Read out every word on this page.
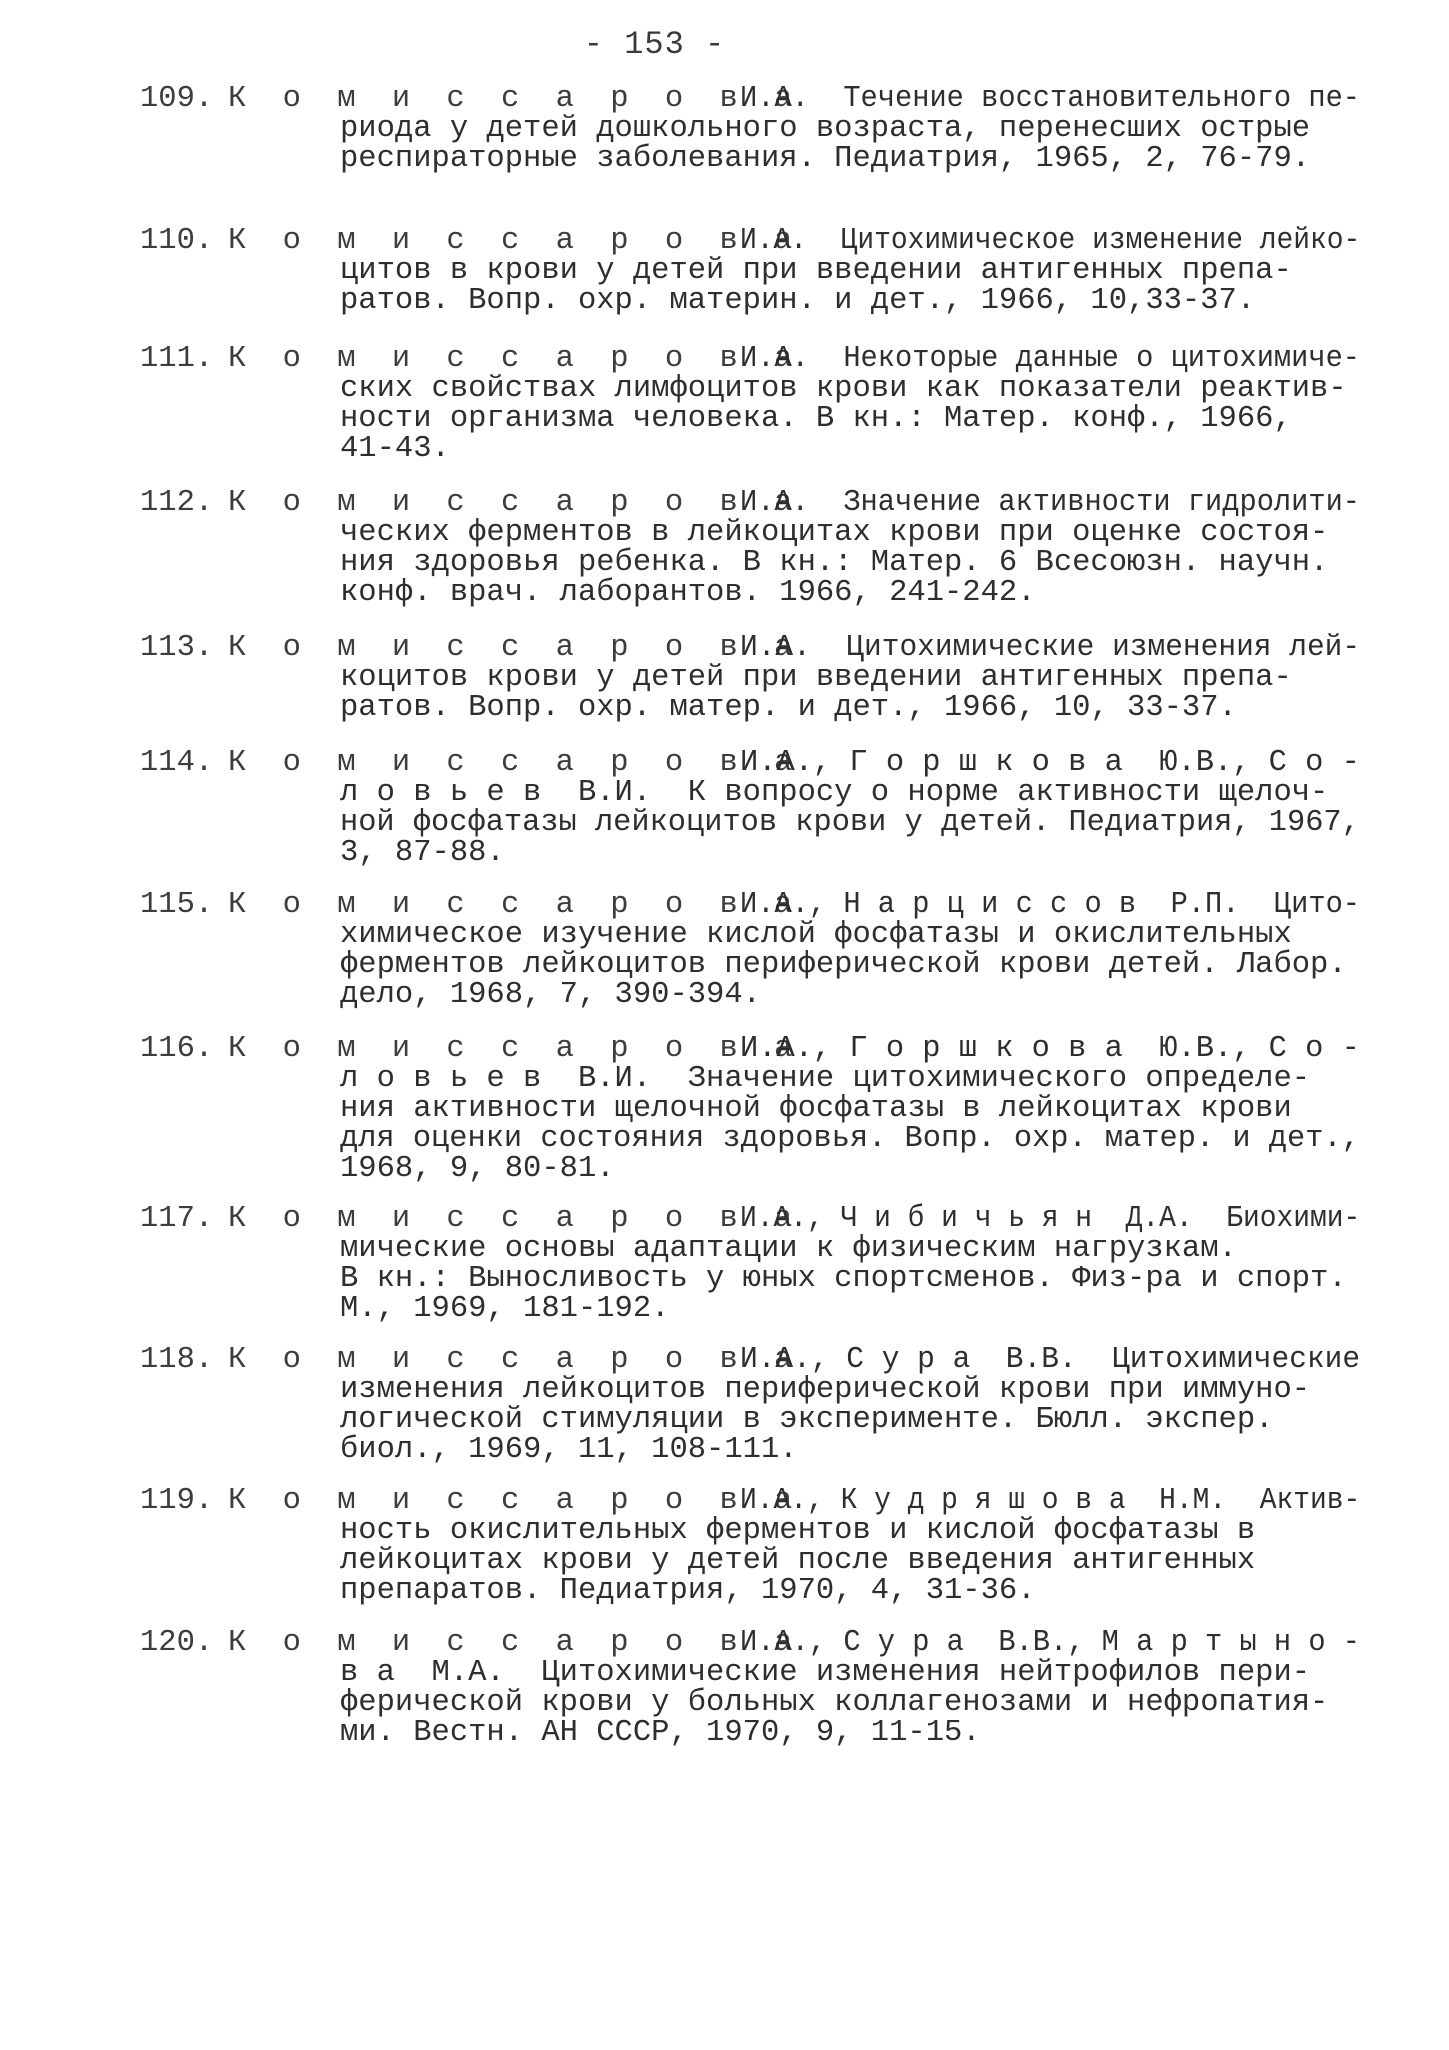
- 153 -
109. К о м и с с а р о в а
И.А.  Течение восстановительного пе-
риода у детей дошкольного возраста, перенесших острые
респираторные заболевания. Педиатрия, 1965, 2, 76-79.
110. К о м и с с а р о в а
И.А.  Цитохимическое изменение лейко-
цитов в крови у детей при введении антигенных препа-
ратов. Вопр. охр. материн. и дет., 1966, 10,33-37.
111. К о м и с с а р о в а
И.А.  Некоторые данные о цитохимиче-
ских свойствах лимфоцитов крови как показатели реактив-
ности организма человека. В кн.: Матер. конф., 1966,
41-43.
112. К о м и с с а р о в а
И.А.  Значение активности гидролити-
ческих ферментов в лейкоцитах крови при оценке состоя-
ния здоровья ребенка. В кн.: Матер. 6 Всесоюзн. научн.
конф. врач. лаборантов. 1966, 241-242.
113. К о м и с с а р о в а
И.А.  Цитохимические изменения лей-
коцитов крови у детей при введении антигенных препа-
ратов. Вопр. охр. матер. и дет., 1966, 10, 33-37.
114. К о м и с с а р о в а
И.А., Г о р ш к о в а  Ю.В., С о -
л о в ь е в  В.И.  К вопросу о норме активности щелоч-
ной фосфатазы лейкоцитов крови у детей. Педиатрия, 1967,
3, 87-88.
115. К о м и с с а р о в а
И.А., Н а р ц и с с о в  Р.П.  Цито-
химическое изучение кислой фосфатазы и окислительных
ферментов лейкоцитов периферической крови детей. Лабор.
дело, 1968, 7, 390-394.
116. К о м и с с а р о в а
И.А., Г о р ш к о в а  Ю.В., С о -
л о в ь е в  В.И.  Значение цитохимического определе-
ния активности щелочной фосфатазы в лейкоцитах крови
для оценки состояния здоровья. Вопр. охр. матер. и дет.,
1968, 9, 80-81.
117. К о м и с с а р о в а
И.А., Ч и б и ч ь я н  Д.А.  Биохими-
мические основы адаптации к физическим нагрузкам.
В кн.: Выносливость у юных спортсменов. Физ-ра и спорт.
М., 1969, 181-192.
118. К о м и с с а р о в а
И.А., С у р а  В.В.  Цитохимические
изменения лейкоцитов периферической крови при иммуно-
логической стимуляции в эксперименте. Бюлл. экспер.
биол., 1969, 11, 108-111.
119. К о м и с с а р о в а
И.А., К у д р я ш о в а  Н.М.  Актив-
ность окислительных ферментов и кислой фосфатазы в
лейкоцитах крови у детей после введения антигенных
препаратов. Педиатрия, 1970, 4, 31-36.
120. К о м и с с а р о в а
И.А., С у р а  В.В., М а р т ы н о -
в а  М.А.  Цитохимические изменения нейтрофилов пери-
ферической крови у больных коллагенозами и нефропатия-
ми. Вестн. АН СССР, 1970, 9, 11-15.
